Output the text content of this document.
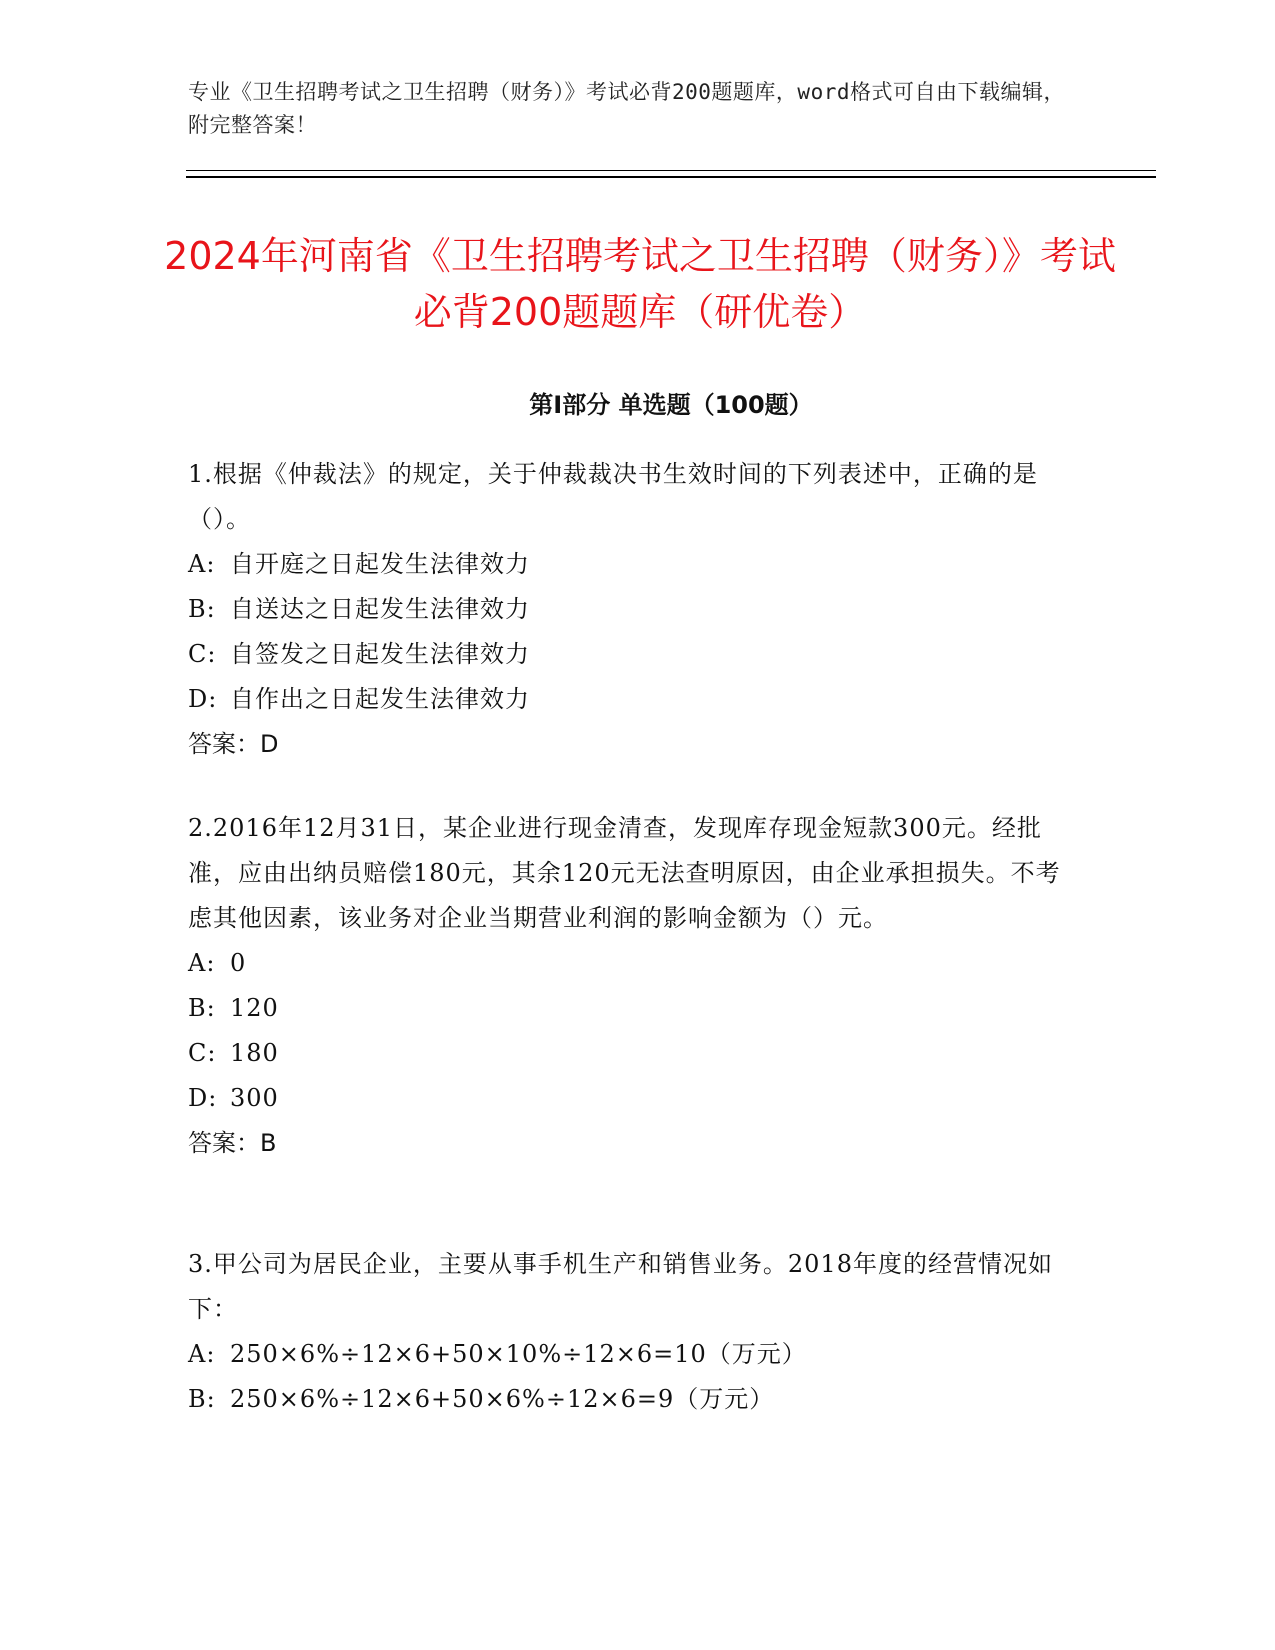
专业《卫生招聘考试之卫生招聘（财务）》考试必背200题题库，word格式可自由下载编辑，附完整答案！
2024年河南省《卫生招聘考试之卫生招聘（财务）》考试必背200题题库（研优卷）
第I部分 单选题（100题）
1.根据《仲裁法》的规定，关于仲裁裁决书生效时间的下列表述中，正确的是（）。
A: 自开庭之日起发生法律效力
B: 自送达之日起发生法律效力
C: 自签发之日起发生法律效力
D: 自作出之日起发生法律效力
答案：D
2.2016年12月31日，某企业进行现金清查，发现库存现金短款300元。经批准，应由出纳员赔偿180元，其余120元无法查明原因，由企业承担损失。不考虑其他因素，该业务对企业当期营业利润的影响金额为（）元。
A: 0
B: 120
C: 180
D: 300
答案：B
3.甲公司为居民企业，主要从事手机生产和销售业务。2018年度的经营情况如下：
A: 250×6%÷12×6+50×10%÷12×6=10（万元）
B: 250×6%÷12×6+50×6%÷12×6=9（万元）
